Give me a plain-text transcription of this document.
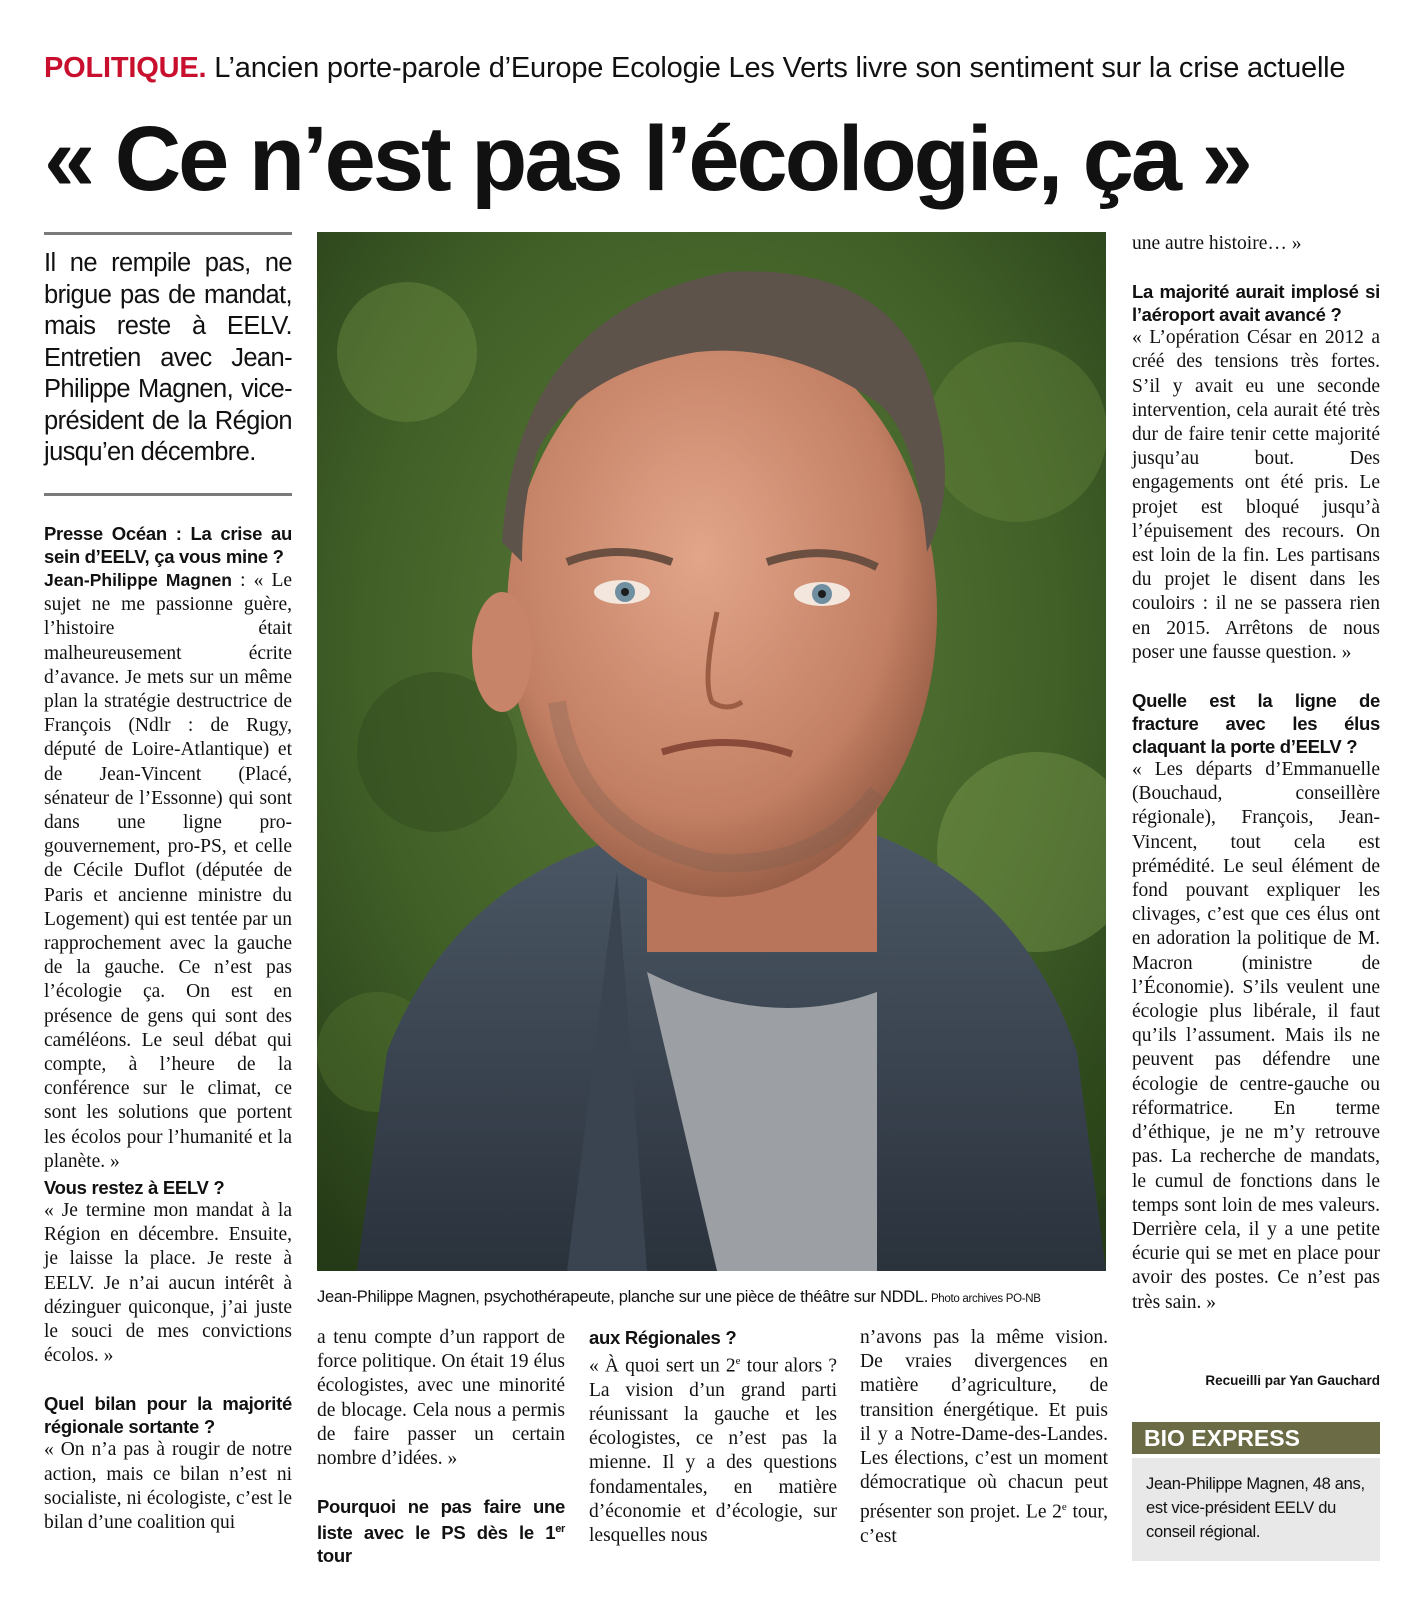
POLITIQUE. L’ancien porte-parole d’Europe Ecologie Les Verts livre son sentiment sur la crise actuelle
« Ce n’est pas l’écologie, ça »
Il ne rempile pas, ne brigue pas de mandat, mais reste à EELV. Entretien avec Jean-Philippe Magnen, vice-président de la Région jusqu’en décembre.

Presse Océan : La crise au sein d’EELV, ça vous mine ?

Jean-Philippe Magnen : « Le sujet ne me passionne guère, l’histoire était malheureusement écrite d’avance. Je mets sur un même plan la stratégie destructrice de François (Ndlr : de Rugy, député de Loire-Atlantique) et de Jean-Vincent (Placé, sénateur de l’Essonne) qui sont dans une ligne pro-gouvernement, pro-PS, et celle de Cécile Duflot (députée de Paris et ancienne ministre du Logement) qui est tentée par un rapprochement avec la gauche de la gauche. Ce n’est pas l’écologie ça. On est en présence de gens qui sont des caméléons. Le seul débat qui compte, à l’heure de la conférence sur le climat, ce sont les solutions que portent les écolos pour l’humanité et la planète. »

Vous restez à EELV ?

« Je termine mon mandat à la Région en décembre. Ensuite, je laisse la place. Je reste à EELV. Je n’ai aucun intérêt à dézinguer quiconque, j’ai juste le souci de mes convictions écolos. »

Quel bilan pour la majorité régionale sortante ?

« On n’a pas à rougir de notre action, mais ce bilan n’est ni socialiste, ni écologiste, c’est le bilan d’une coalition qui

Jean-Philippe Magnen, psychothérapeute, planche sur une pièce de théâtre sur NDDL. Photo archives PO-NB

a tenu compte d’un rapport de force politique. On était 19 élus écologistes, avec une minorité de blocage. Cela nous a permis de faire passer un certain nombre d’idées. »

Pourquoi ne pas faire une liste avec le PS dès le 1er tour

aux Régionales ?

« À quoi sert un 2e tour alors ? La vision d’un grand parti réunissant la gauche et les écologistes, ce n’est pas la mienne. Il y a des questions fondamentales, en matière d’économie et d’écologie, sur lesquelles nous

n’avons pas la même vision. De vraies divergences en matière d’agriculture, de transition énergétique. Et puis il y a Notre-Dame-des-Landes. Les élections, c’est un moment démocratique où chacun peut présenter son projet. Le 2e tour, c’est

une autre histoire… »

La majorité aurait implosé si l’aéroport avait avancé ?

« L’opération César en 2012 a créé des tensions très fortes. S’il y avait eu une seconde intervention, cela aurait été très dur de faire tenir cette majorité jusqu’au bout. Des engagements ont été pris. Le projet est bloqué jusqu’à l’épuisement des recours. On est loin de la fin. Les partisans du projet le disent dans les couloirs : il ne se passera rien en 2015. Arrêtons de nous poser une fausse question. »

Quelle est la ligne de fracture avec les élus claquant la porte d’EELV ?

« Les départs d’Emmanuelle (Bouchaud, conseillère régionale), François, Jean-Vincent, tout cela est prémédité. Le seul élément de fond pouvant expliquer les clivages, c’est que ces élus ont en adoration la politique de M. Macron (ministre de l’Économie). S’ils veulent une écologie plus libérale, il faut qu’ils l’assument. Mais ils ne peuvent pas défendre une écologie de centre-gauche ou réformatrice. En terme d’éthique, je ne m’y retrouve pas. La recherche de mandats, le cumul de fonctions dans le temps sont loin de mes valeurs. Derrière cela, il y a une petite écurie qui se met en place pour avoir des postes. Ce n’est pas très sain. »

Recueilli par Yan Gauchard
BIO EXPRESS
Jean-Philippe Magnen, 48 ans, est vice-président EELV du conseil régional.
